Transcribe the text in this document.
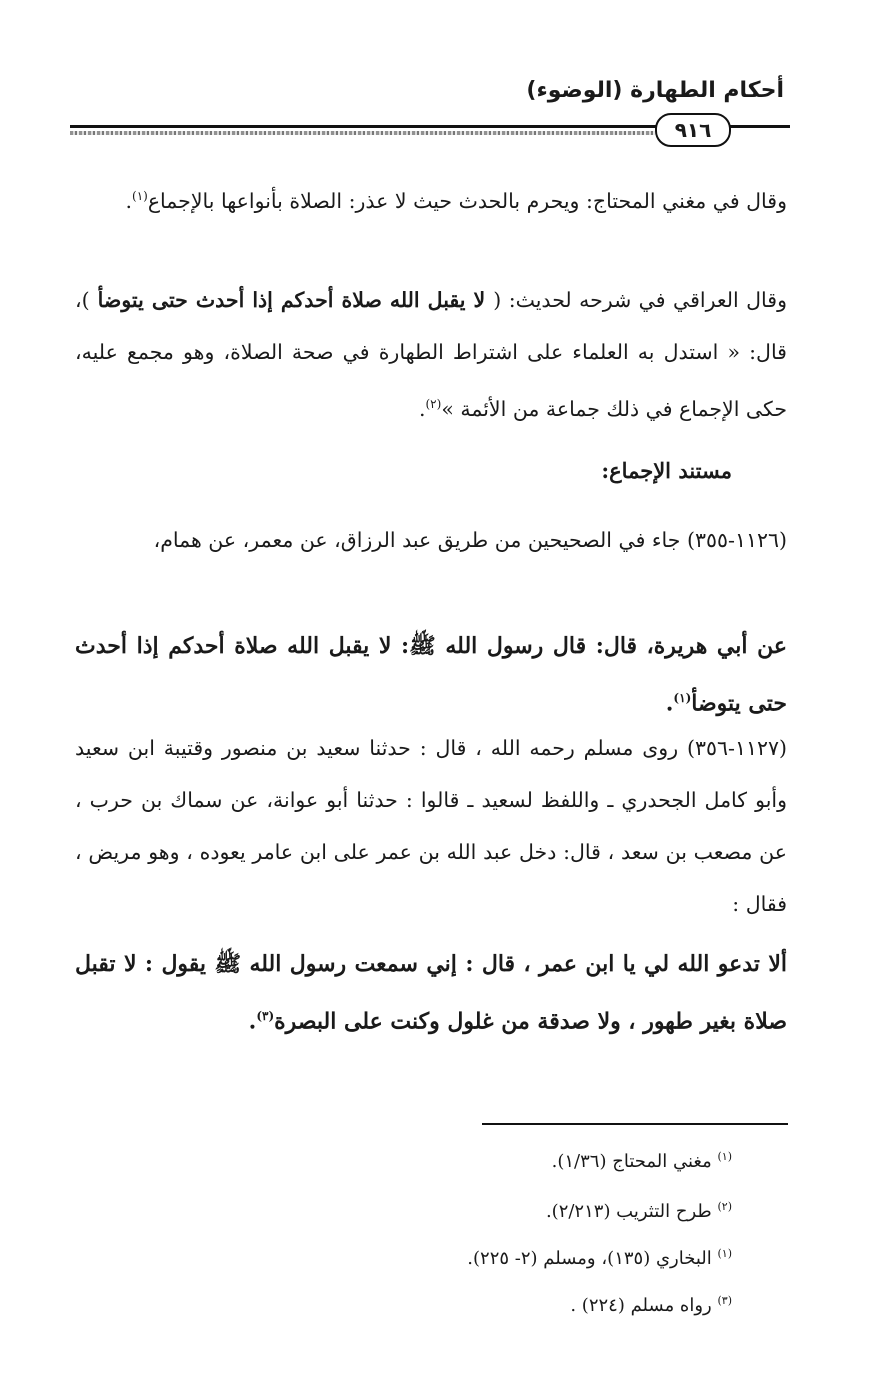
أحكام الطهارة (الوضوء)
٩١٦
وقال في مغني المحتاج: ويحرم بالحدث حيث لا عذر: الصلاة بأنواعها بالإجماع$^{(١)}$.
وقال العراقي في شرحه لحديث: ( لا يقبل الله صلاة أحدكم إذا أحدث حتى يتوضأ )، قال: « استدل به العلماء على اشتراط الطهارة في صحة الصلاة، وهو مجمع عليه، حكى الإجماع في ذلك جماعة من الأئمة »$^{(٢)}$.
مستند الإجماع:
(١١٢٦-٣٥٥) جاء في الصحيحين من طريق عبد الرزاق، عن معمر، عن همام،
عن أبي هريرة، قال: قال رسول الله ﷺ: لا يقبل الله صلاة أحدكم إذا أحدث حتى يتوضأ$^{(١)}$.
(١١٢٧-٣٥٦) روى مسلم رحمه الله ، قال : حدثنا سعيد بن منصور وقتيبة ابن سعيد وأبو كامل الجحدري ـ واللفظ لسعيد ـ قالوا : حدثنا أبو عوانة، عن سماك بن حرب ، عن مصعب بن سعد ، قال: دخل عبد الله بن عمر على ابن عامر يعوده ، وهو مريض ، فقال :
ألا تدعو الله لي يا ابن عمر ، قال : إني سمعت رسول الله ﷺ يقول : لا تقبل صلاة بغير طهور ، ولا صدقة من غلول وكنت على البصرة$^{(٣)}$.
$^{(١)}$ مغني المحتاج (١/٣٦).
$^{(٢)}$ طرح التثريب (٢/٢١٣).
$^{(١)}$ البخاري (١٣٥)، ومسلم (٢- ٢٢٥).
$^{(٣)}$ رواه مسلم (٢٢٤) .
